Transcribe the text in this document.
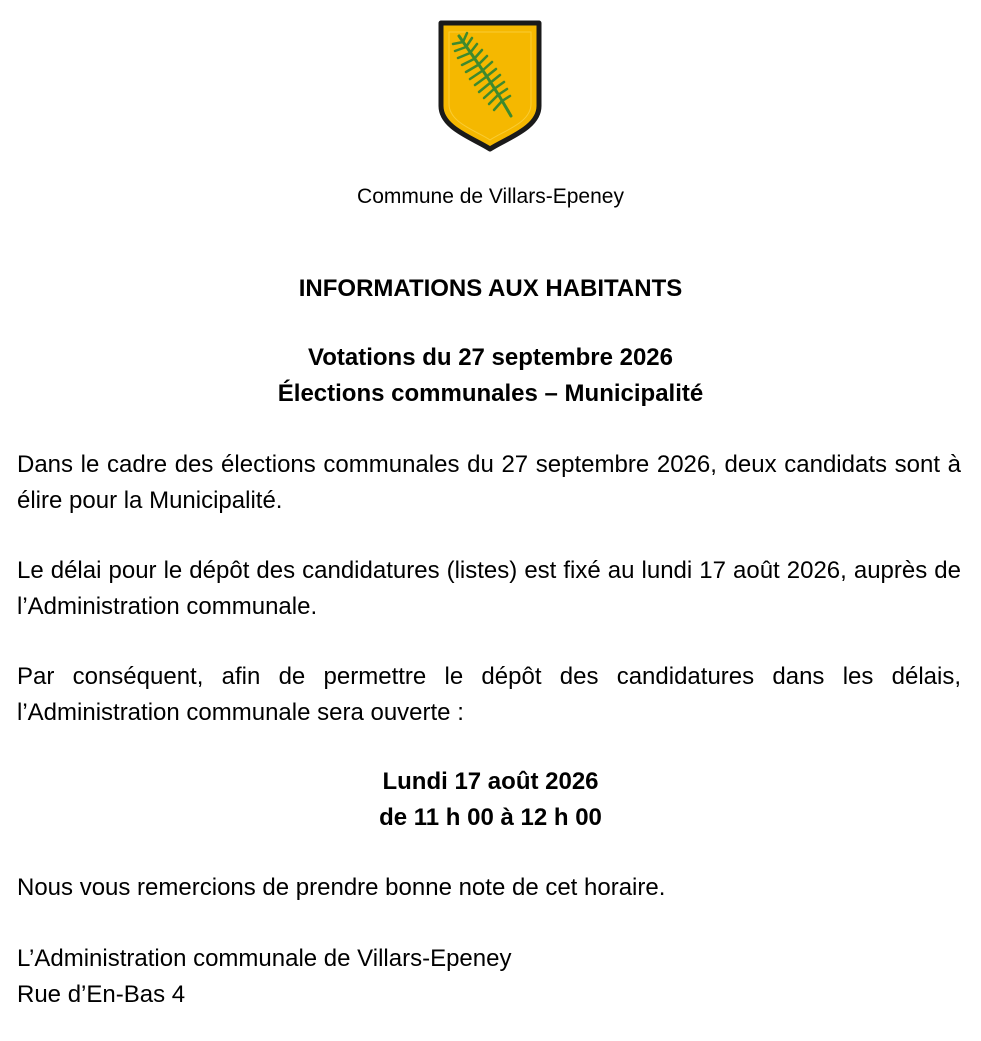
Commune de Villars-Epeney
INFORMATIONS AUX HABITANTS
Votations du 27 septembre 2026
Élections communales – Municipalité

Dans le cadre des élections communales du 27 septembre 2026, deux candidats sont à élire pour la Municipalité.

Le délai pour le dépôt des candidatures (listes) est fixé au lundi 17 août 2026, auprès de l’Administration communale.

Par conséquent, afin de permettre le dépôt des candidatures dans les délais, l’Administration communale sera ouverte :

Lundi 17 août 2026
de 11 h 00 à 12 h 00
Nous vous remercions de prendre bonne note de cet horaire.
L’Administration communale de Villars-Epeney
Rue d’En-Bas 4
